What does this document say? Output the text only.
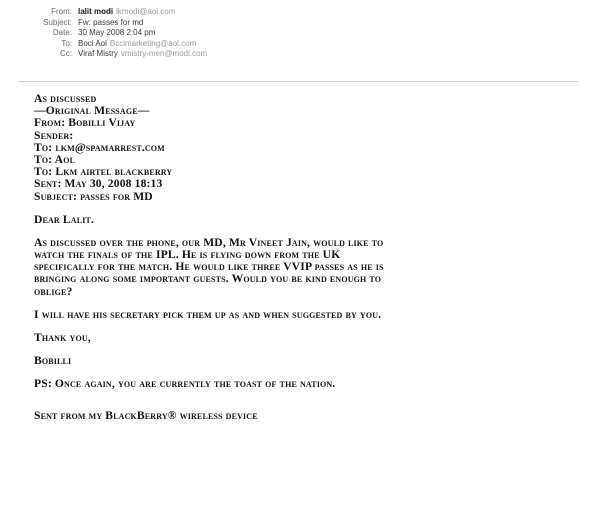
From: lalit modi lkmodi@aol.com
Subject: Fw: passes for md
Date: 30 May 2008 2:04 pm
To: Boci Aol Bccimarketing@aol.com
Cc: Viraf Mistry vmistry-men@modi.com
As discussed
—Original Message—
From: Bobilli Vijay
Sender:
To: lkm@spamarrest.com
To: Aol
To: Lkm airtel blackberry
Sent: May 30, 2008 18:13
Subject: passes for MD
Dear Lalit.
As discussed over the phone, our MD, Mr Vineet Jain, would like to
watch the finals of the IPL. He is flying down from the UK
specifically for the match. He would like three VVIP passes as he is
bringing along some important guests. Would you be kind enough to
oblige?
I will have his secretary pick them up as and when suggested by you.
Thank you,
Bobilli
PS: Once again, you are currently the toast of the nation.
Sent from my BlackBerry® wireless device
